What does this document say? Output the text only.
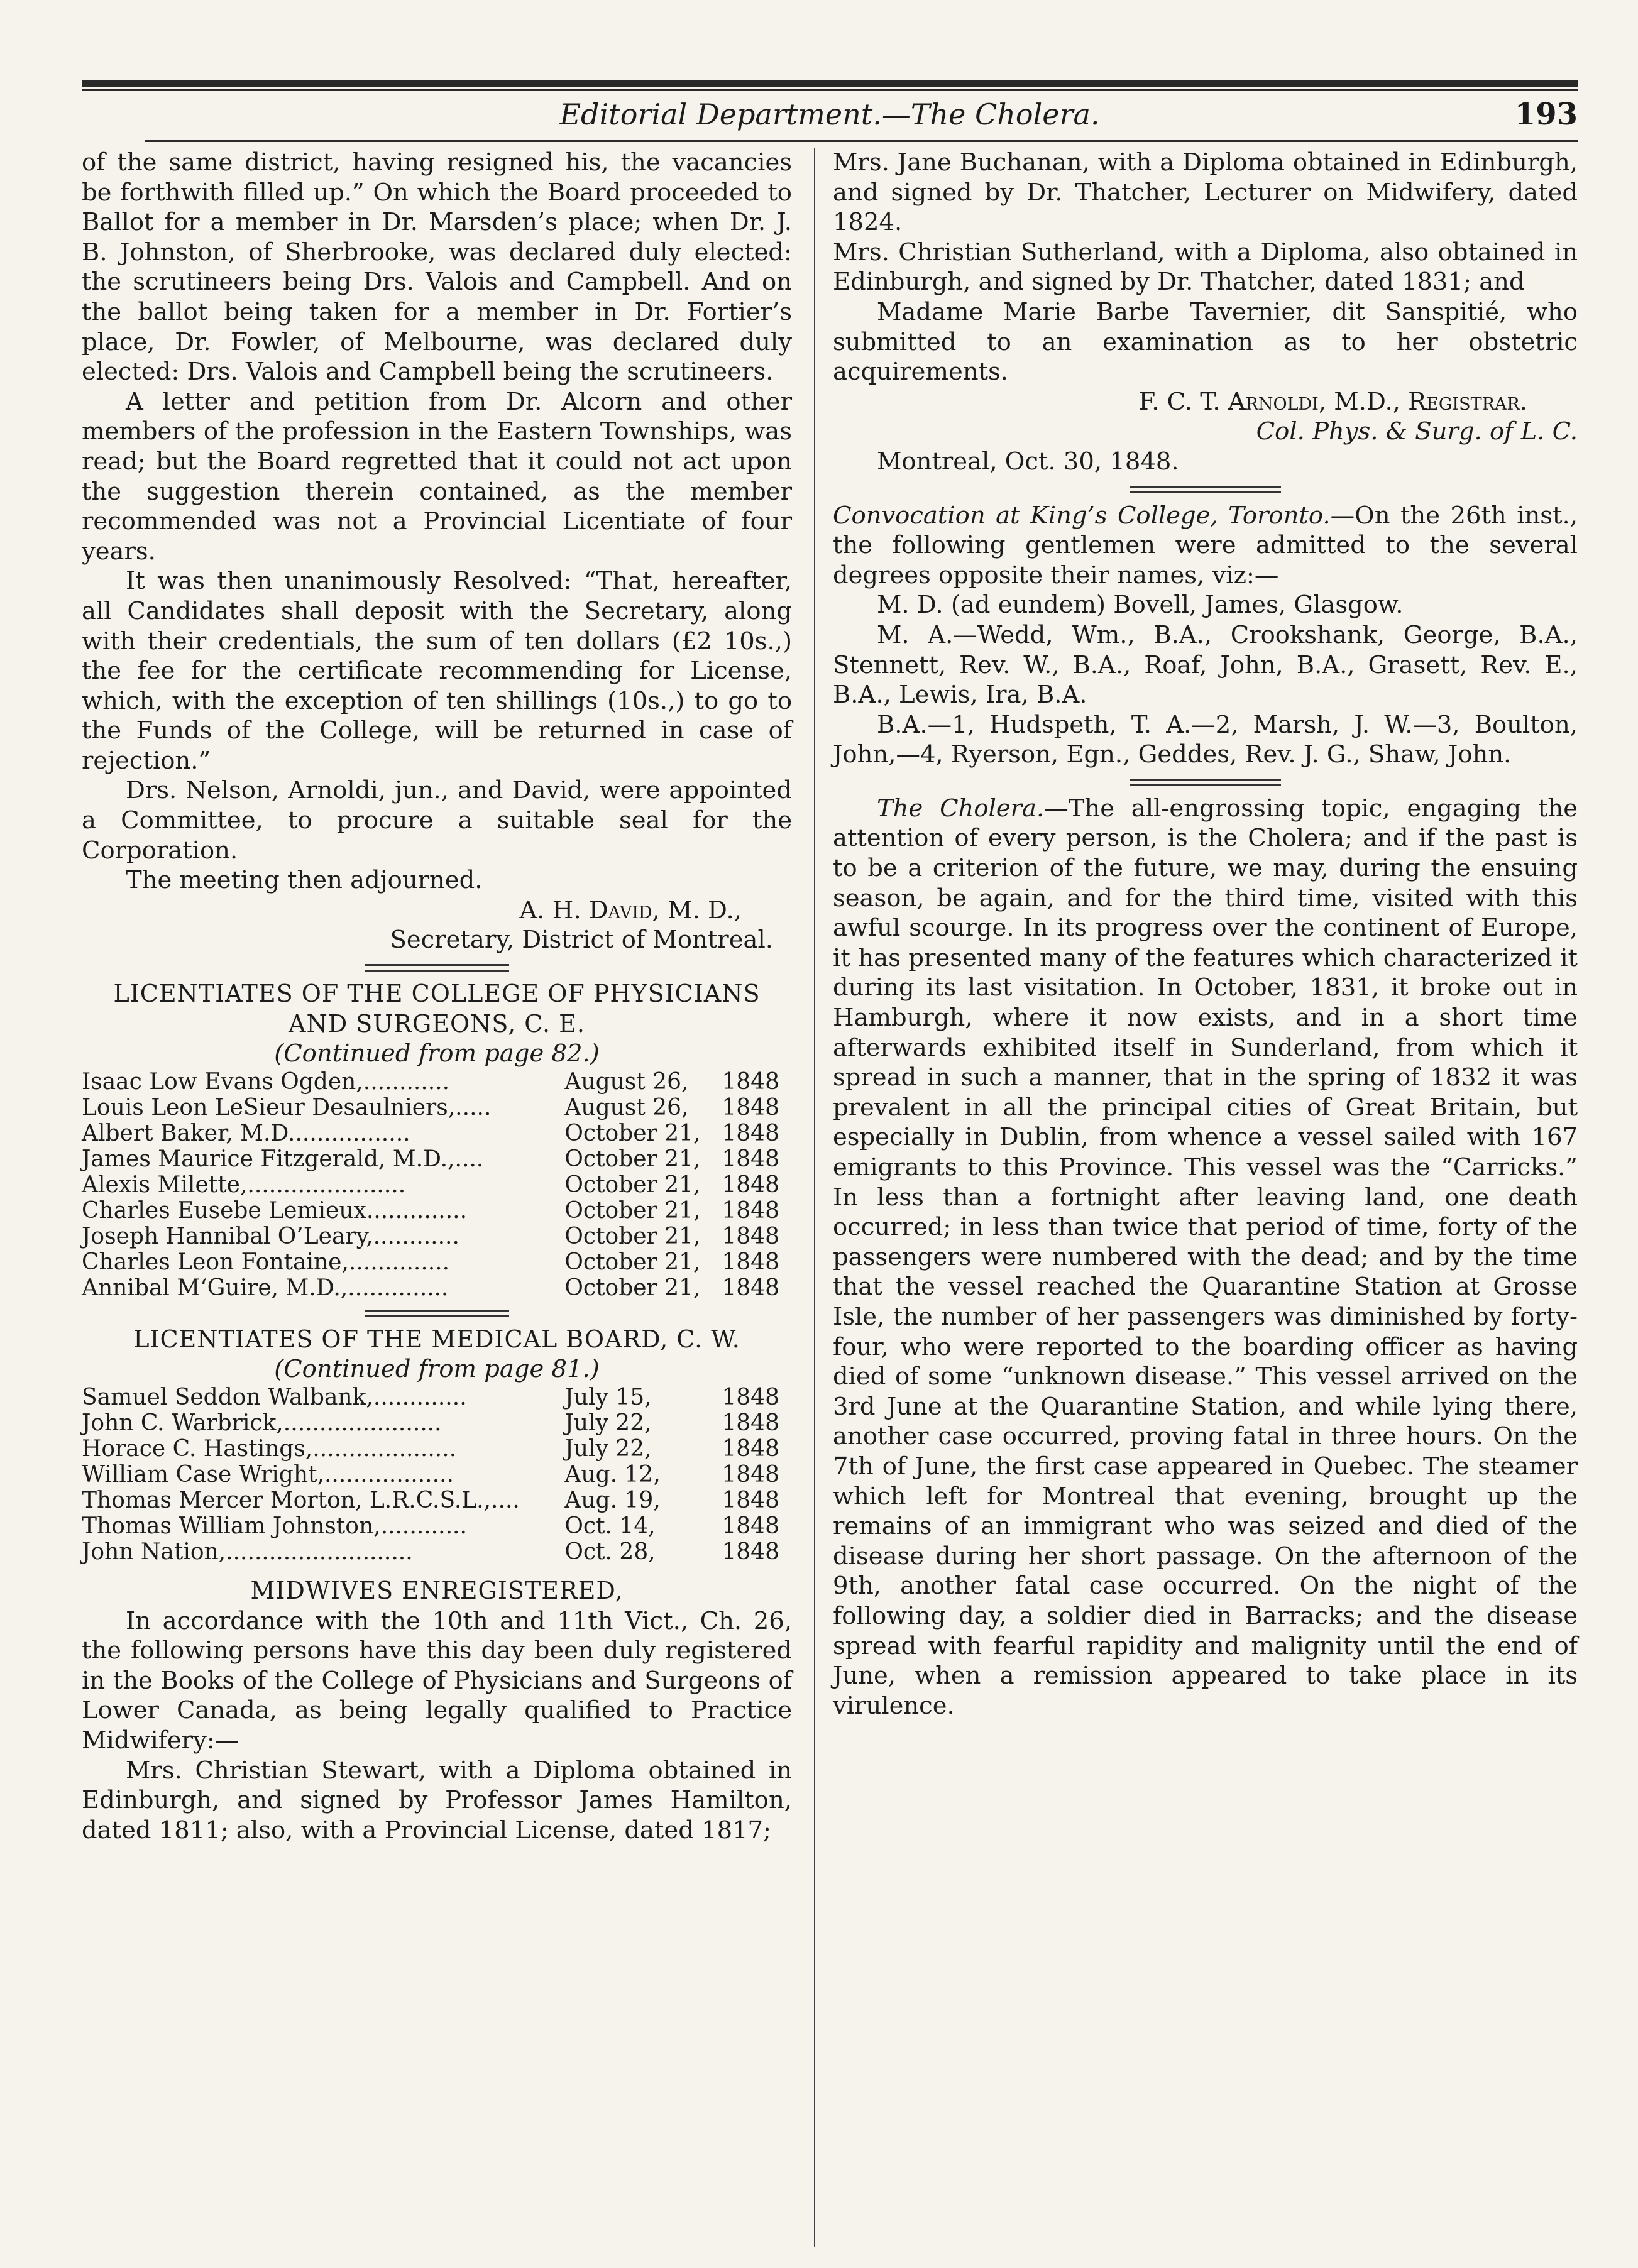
Editorial Department.—The Cholera.	193

of the same district, having resigned his, the vacancies be forthwith filled up.” On which the Board proceeded to Ballot for a member in Dr. Marsden’s place; when Dr. J. B. Johnston, of Sherbrooke, was declared duly elected: the scrutineers being Drs. Valois and Campbell. And on the ballot being taken for a member in Dr. Fortier’s place, Dr. Fowler, of Melbourne, was declared duly elected: Drs. Valois and Campbell being the scrutineers.

A letter and petition from Dr. Alcorn and other members of the profession in the Eastern Townships, was read; but the Board regretted that it could not act upon the suggestion therein contained, as the member recommended was not a Provincial Licentiate of four years.

It was then unanimously Resolved: “That, hereafter, all Candidates shall deposit with the Secretary, along with their credentials, the sum of ten dollars (£2 10s.,) the fee for the certificate recommending for License, which, with the exception of ten shillings (10s.,) to go to the Funds of the College, will be returned in case of rejection.”

Drs. Nelson, Arnoldi, jun., and David, were appointed a Committee, to procure a suitable seal for the Corporation.

The meeting then adjourned.

A. H. David, M. D.,

Secretary, District of Montreal.

LICENTIATES OF THE COLLEGE OF PHYSICIANS
AND SURGEONS, C. E.
(Continued from page 82.)
Isaac Low Evans Ogden,............	August 26,	1848
Louis Leon LeSieur Desaulniers,.....	August 26,	1848
Albert Baker, M.D.................	October 21,	1848
James Maurice Fitzgerald, M.D.,....	October 21,	1848
Alexis Milette,......................	October 21,	1848
Charles Eusebe Lemieux..............	October 21,	1848
Joseph Hannibal O’Leary,............	October 21,	1848
Charles Leon Fontaine,..............	October 21,	1848
Annibal M‘Guire, M.D.,..............	October 21,	1848
LICENTIATES OF THE MEDICAL BOARD, C. W.
(Continued from page 81.)
Samuel Seddon Walbank,.............	July 15,	1848
John C. Warbrick,......................	July 22,	1848
Horace C. Hastings,....................	July 22,	1848
William Case Wright,..................	Aug. 12,	1848
Thomas Mercer Morton, L.R.C.S.L.,....	Aug. 19,	1848
Thomas William Johnston,............	Oct. 14,	1848
John Nation,..........................	Oct. 28,	1848
MIDWIVES ENREGISTERED,

In accordance with the 10th and 11th Vict., Ch. 26, the following persons have this day been duly registered in the Books of the College of Physicians and Surgeons of Lower Canada, as being legally qualified to Practice Midwifery:—

Mrs. Christian Stewart, with a Diploma obtained in Edinburgh, and signed by Professor James Hamilton, dated 1811; also, with a Provincial License, dated 1817;

Mrs. Jane Buchanan, with a Diploma obtained in Edinburgh, and signed by Dr. Thatcher, Lecturer on Midwifery, dated 1824.

Mrs. Christian Sutherland, with a Diploma, also obtained in Edinburgh, and signed by Dr. Thatcher, dated 1831; and

Madame Marie Barbe Tavernier, dit Sanspitié, who submitted to an examination as to her obstetric acquirements.

F. C. T. Arnoldi, M.D., Registrar.

Col. Phys. & Surg. of L. C.

Montreal, Oct. 30, 1848.

Convocation at King’s College, Toronto.—On the 26th inst., the following gentlemen were admitted to the several degrees opposite their names, viz:—

M. D. (ad eundem) Bovell, James, Glasgow.

M. A.—Wedd, Wm., B.A., Crookshank, George, B.A., Stennett, Rev. W., B.A., Roaf, John, B.A., Grasett, Rev. E., B.A., Lewis, Ira, B.A.

B.A.—1, Hudspeth, T. A.—2, Marsh, J. W.—3, Boulton, John,—4, Ryerson, Egn., Geddes, Rev. J. G., Shaw, John.

The Cholera.—The all-engrossing topic, engaging the attention of every person, is the Cholera; and if the past is to be a criterion of the future, we may, during the ensuing season, be again, and for the third time, visited with this awful scourge. In its progress over the continent of Europe, it has presented many of the features which characterized it during its last visitation. In October, 1831, it broke out in Hamburgh, where it now exists, and in a short time afterwards exhibited itself in Sunderland, from which it spread in such a manner, that in the spring of 1832 it was prevalent in all the principal cities of Great Britain, but especially in Dublin, from whence a vessel sailed with 167 emigrants to this Province. This vessel was the “Carricks.” In less than a fortnight after leaving land, one death occurred; in less than twice that period of time, forty of the passengers were numbered with the dead; and by the time that the vessel reached the Quarantine Station at Grosse Isle, the number of her passengers was diminished by forty-four, who were reported to the boarding officer as having died of some “unknown disease.” This vessel arrived on the 3rd June at the Quarantine Station, and while lying there, another case occurred, proving fatal in three hours. On the 7th of June, the first case appeared in Quebec. The steamer which left for Montreal that evening, brought up the remains of an immigrant who was seized and died of the disease during her short passage. On the afternoon of the 9th, another fatal case occurred. On the night of the following day, a soldier died in Barracks; and the disease spread with fearful rapidity and malignity until the end of June, when a remission appeared to take place in its virulence.
